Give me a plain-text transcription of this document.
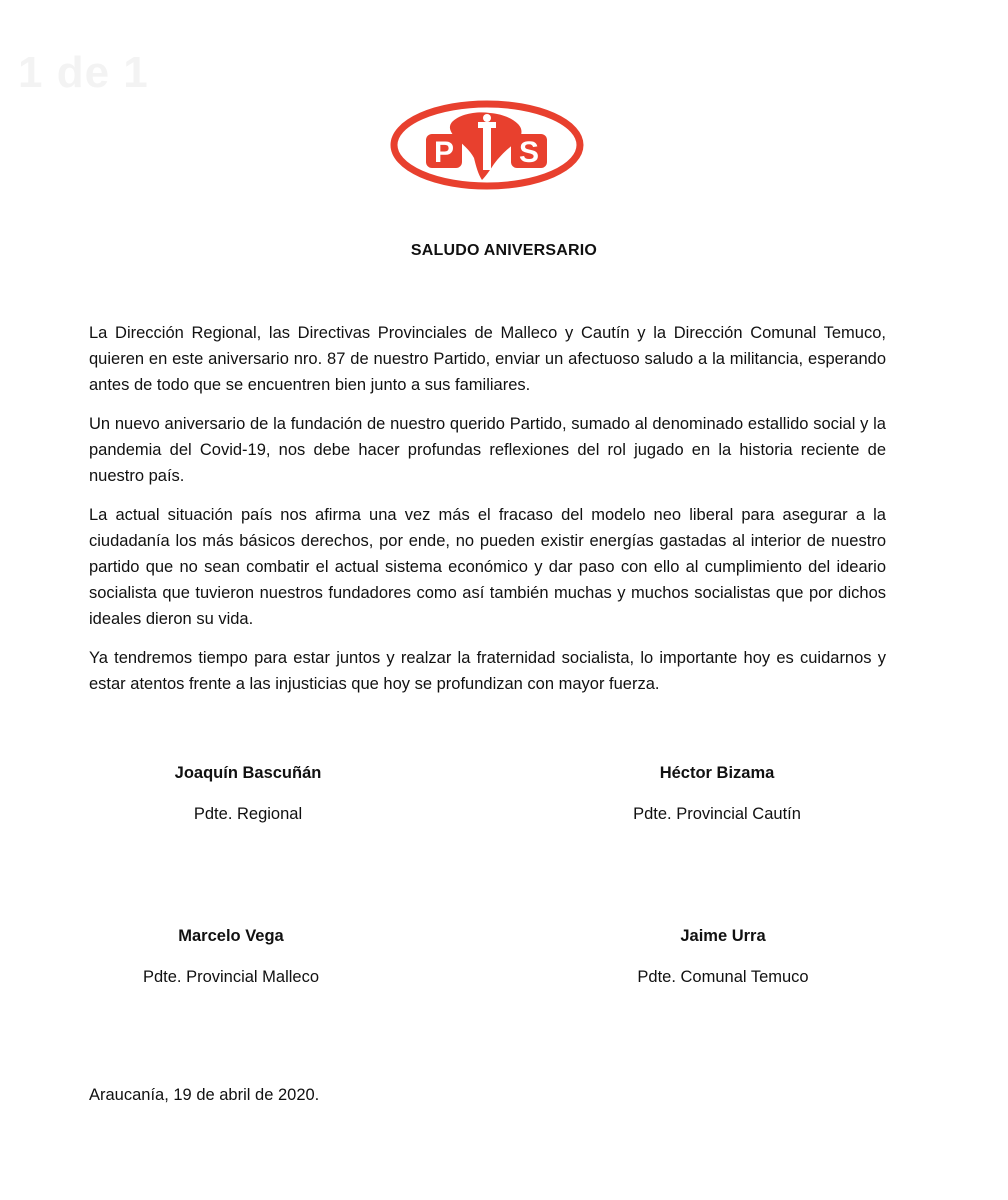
1 de 1
P S
SALUDO ANIVERSARIO

La Dirección Regional, las Directivas Provinciales de Malleco y Cautín y la Dirección Comunal Temuco, quieren en este aniversario nro. 87 de nuestro Partido, enviar un afectuoso saludo a la militancia, esperando antes de todo que se encuentren bien junto a sus familiares.

Un nuevo aniversario de la fundación de nuestro querido Partido, sumado al denominado estallido social y la pandemia del Covid-19, nos debe hacer profundas reflexiones del rol jugado en la historia reciente de nuestro país.

La actual situación país nos afirma una vez más el fracaso del modelo neo liberal para asegurar a la ciudadanía los más básicos derechos, por ende, no pueden existir energías gastadas al interior de nuestro partido que no sean combatir el actual sistema económico y dar paso con ello al cumplimiento del ideario socialista que tuvieron nuestros fundadores como así también muchas y muchos socialistas que por dichos ideales dieron su vida.

Ya tendremos tiempo para estar juntos y realzar la fraternidad socialista, lo importante hoy es cuidarnos y estar atentos frente a las injusticias que hoy se profundizan con mayor fuerza.

Joaquín Bascuñán
Pdte. Regional
Héctor Bizama
Pdte. Provincial Cautín
Marcelo Vega
Pdte. Provincial Malleco
Jaime Urra
Pdte. Comunal Temuco
Araucanía, 19 de abril de 2020.
